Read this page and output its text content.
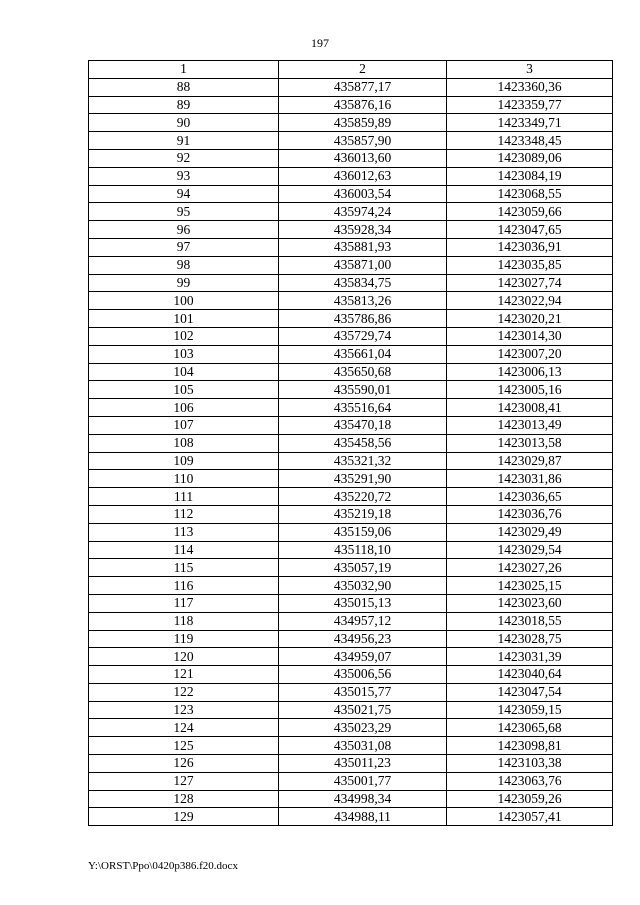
197
1	2	3
88	435877,17	1423360,36
89	435876,16	1423359,77
90	435859,89	1423349,71
91	435857,90	1423348,45
92	436013,60	1423089,06
93	436012,63	1423084,19
94	436003,54	1423068,55
95	435974,24	1423059,66
96	435928,34	1423047,65
97	435881,93	1423036,91
98	435871,00	1423035,85
99	435834,75	1423027,74
100	435813,26	1423022,94
101	435786,86	1423020,21
102	435729,74	1423014,30
103	435661,04	1423007,20
104	435650,68	1423006,13
105	435590,01	1423005,16
106	435516,64	1423008,41
107	435470,18	1423013,49
108	435458,56	1423013,58
109	435321,32	1423029,87
110	435291,90	1423031,86
111	435220,72	1423036,65
112	435219,18	1423036,76
113	435159,06	1423029,49
114	435118,10	1423029,54
115	435057,19	1423027,26
116	435032,90	1423025,15
117	435015,13	1423023,60
118	434957,12	1423018,55
119	434956,23	1423028,75
120	434959,07	1423031,39
121	435006,56	1423040,64
122	435015,77	1423047,54
123	435021,75	1423059,15
124	435023,29	1423065,68
125	435031,08	1423098,81
126	435011,23	1423103,38
127	435001,77	1423063,76
128	434998,34	1423059,26
129	434988,11	1423057,41
Y:\ORST\Ppo\0420p386.f20.docx
